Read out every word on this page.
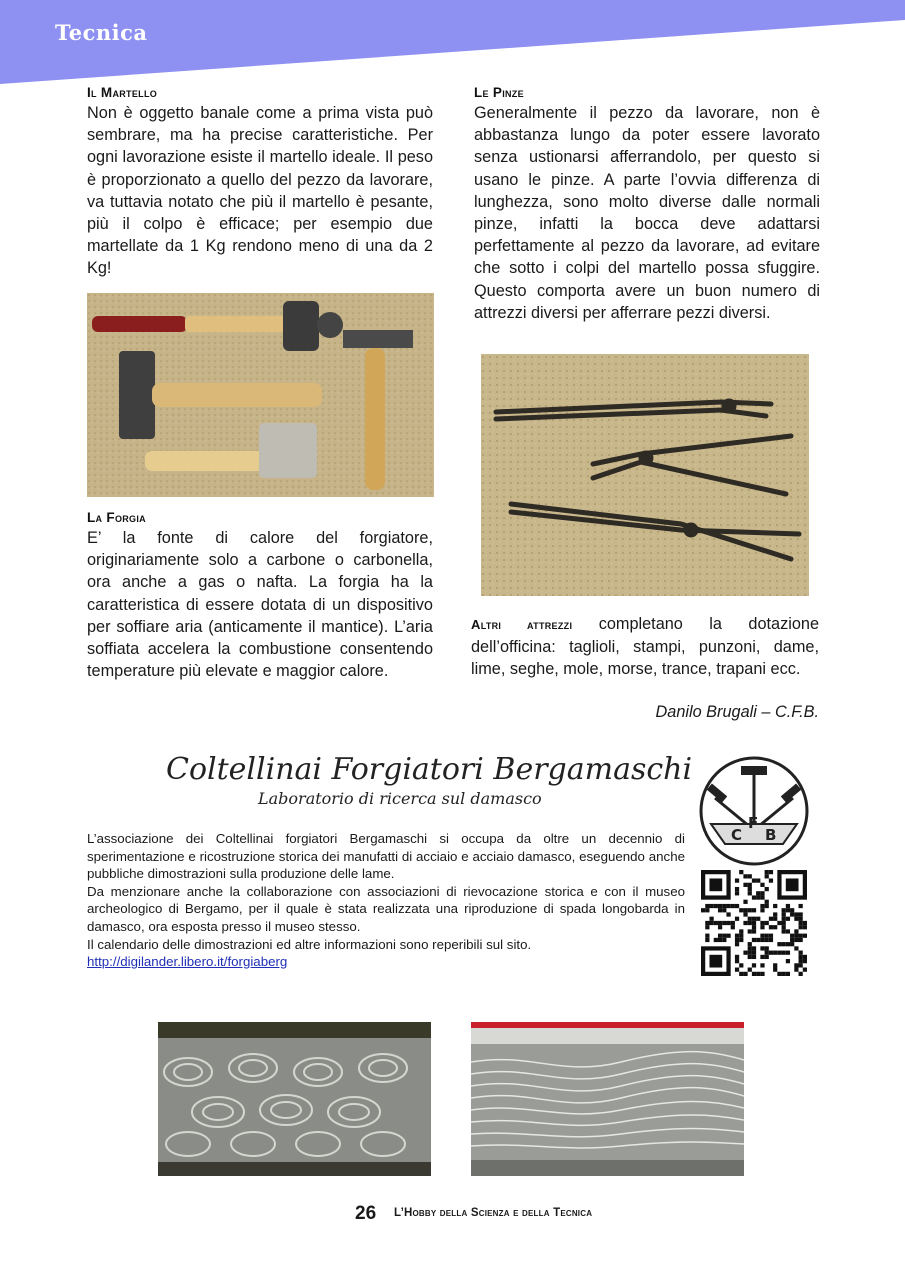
Tecnica
Il Martello

Non è oggetto banale come a prima vista può sembrare, ma ha precise caratteristiche. Per ogni lavorazione esiste il martello ideale. Il peso è proporzionato a quello del pezzo da lavorare, va tuttavia notato che più il martello è pesante, più il colpo è efficace; per esempio due martellate da 1 Kg rendono meno di una da 2 Kg!

La Forgia

E’ la fonte di calore del forgiatore, originariamente solo a carbone o carbonella, ora anche a gas o nafta. La forgia ha la caratteristica di essere dotata di un dispositivo per soffiare aria (anticamente il mantice). L’aria soffiata accelera la combustione consentendo temperature più elevate e maggior calore.

Le Pinze

Generalmente il pezzo da lavorare, non è abbastanza lungo da poter essere lavorato senza ustionarsi afferrandolo, per questo si usano le pinze. A parte l’ovvia differenza di lunghezza, sono molto diverse dalle normali pinze, infatti la bocca deve adattarsi perfettamente al pezzo da lavorare, ad evitare che sotto i colpi del martello possa sfuggire. Questo comporta avere un buon numero di attrezzi diversi per afferrare pezzi diversi.

Altri attrezzi completano la dotazione dell’officina: taglioli, stampi, punzoni, dame, lime, seghe, mole, morse, trance, trapani ecc.

Danilo Brugali – C.F.B.
Coltellinai Forgiatori Bergamaschi
Laboratorio di ricerca sul damasco

L’associazione dei Coltellinai forgiatori Bergamaschi si occupa da oltre un decennio di sperimentazione e ricostruzione storica dei manufatti di acciaio e acciaio damasco, eseguendo anche pubbliche dimostrazioni sulla produzione delle lame.

Da menzionare anche la collaborazione con associazioni di rievocazione storica e con il museo archeologico di Bergamo, per il quale è stata realizzata una riproduzione di spada longobarda in damasco, ora esposta presso il museo stesso.

Il calendario delle dimostrazioni ed altre informazioni sono reperibili sul sito.

http://digilander.libero.it/forgiaberg
C
F
B
26 L’Hobby della Scienza e della Tecnica
